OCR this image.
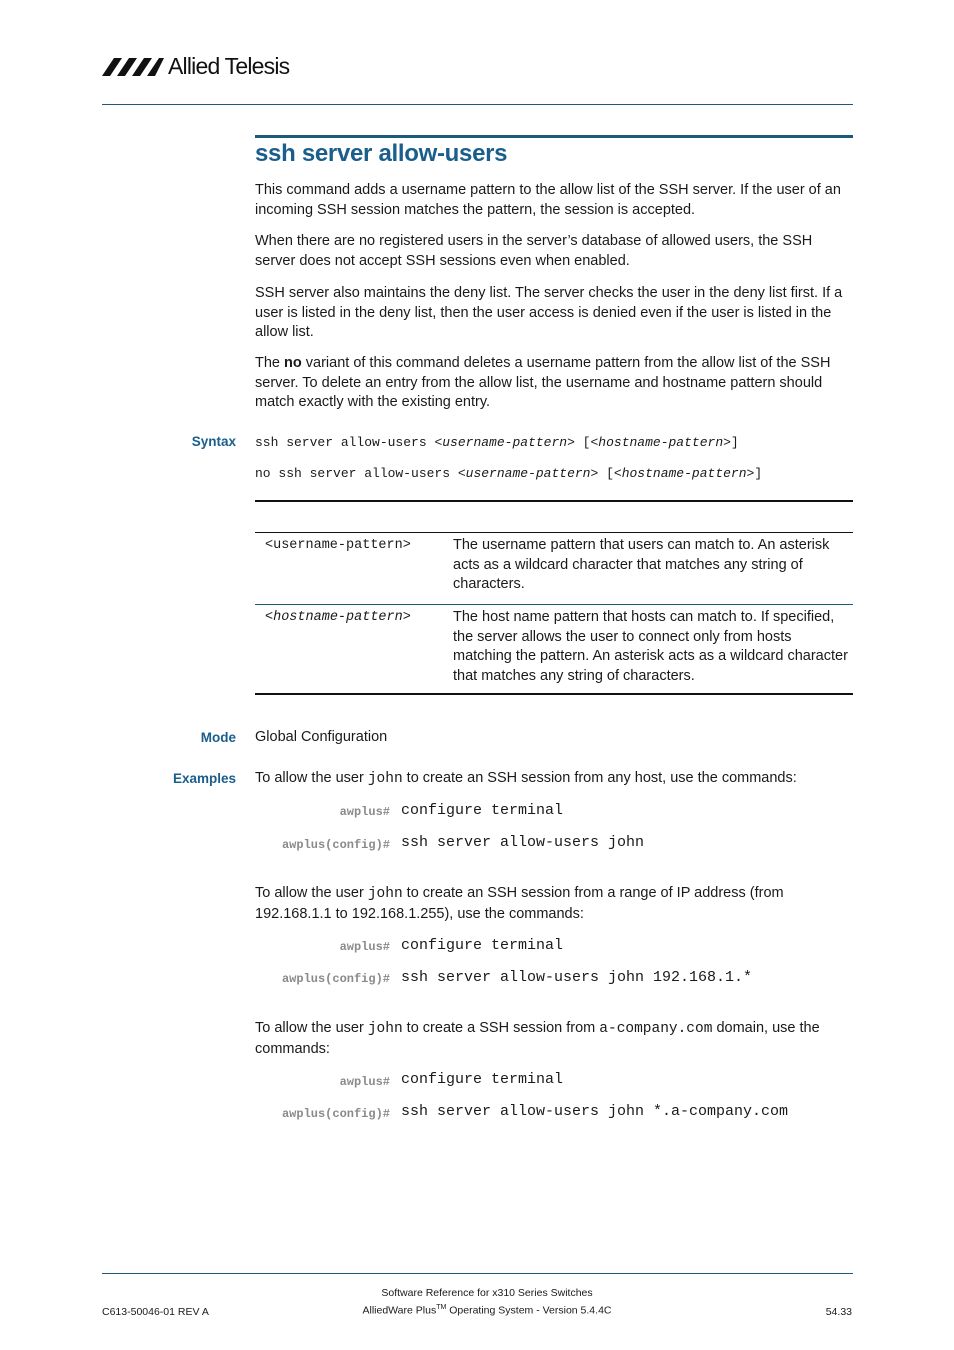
Allied Telesis
ssh server allow-users

This command adds a username pattern to the allow list of the SSH server. If the user of an incoming SSH session matches the pattern, the session is accepted.

When there are no registered users in the server’s database of allowed users, the SSH server does not accept SSH sessions even when enabled.

SSH server also maintains the deny list. The server checks the user in the deny list first. If a user is listed in the deny list, then the user access is denied even if the user is listed in the allow list.

The no variant of this command deletes a username pattern from the allow list of the SSH server. To delete an entry from the allow list, the username and hostname pattern should match exactly with the existing entry.

Syntax ssh server allow-users <username-pattern> [<hostname-pattern>]
no ssh server allow-users <username-pattern> [<hostname-pattern>]
<username-pattern>	The username pattern that users can match to. An asterisk acts as a wildcard character that matches any string of characters.
<hostname-pattern>	The host name pattern that hosts can match to. If specified, the server allows the user to connect only from hosts matching the pattern. An asterisk acts as a wildcard character that matches any string of characters.
Mode Global Configuration

Examples To allow the user john to create an SSH session from any host, use the commands:

awplus# configure terminal
awplus(config)# ssh server allow-users john

To allow the user john to create an SSH session from a range of IP address (from 192.168.1.1 to 192.168.1.255), use the commands:

awplus# configure terminal
awplus(config)# ssh server allow-users john 192.168.1.*

To allow the user john to create a SSH session from a-company.com domain, use the commands:

awplus# configure terminal
awplus(config)# ssh server allow-users john *.a-company.com
Software Reference for x310 Series Switches
C613-50046-01 REV A	AlliedWare Plus™ Operating System - Version 5.4.4C	54.33
